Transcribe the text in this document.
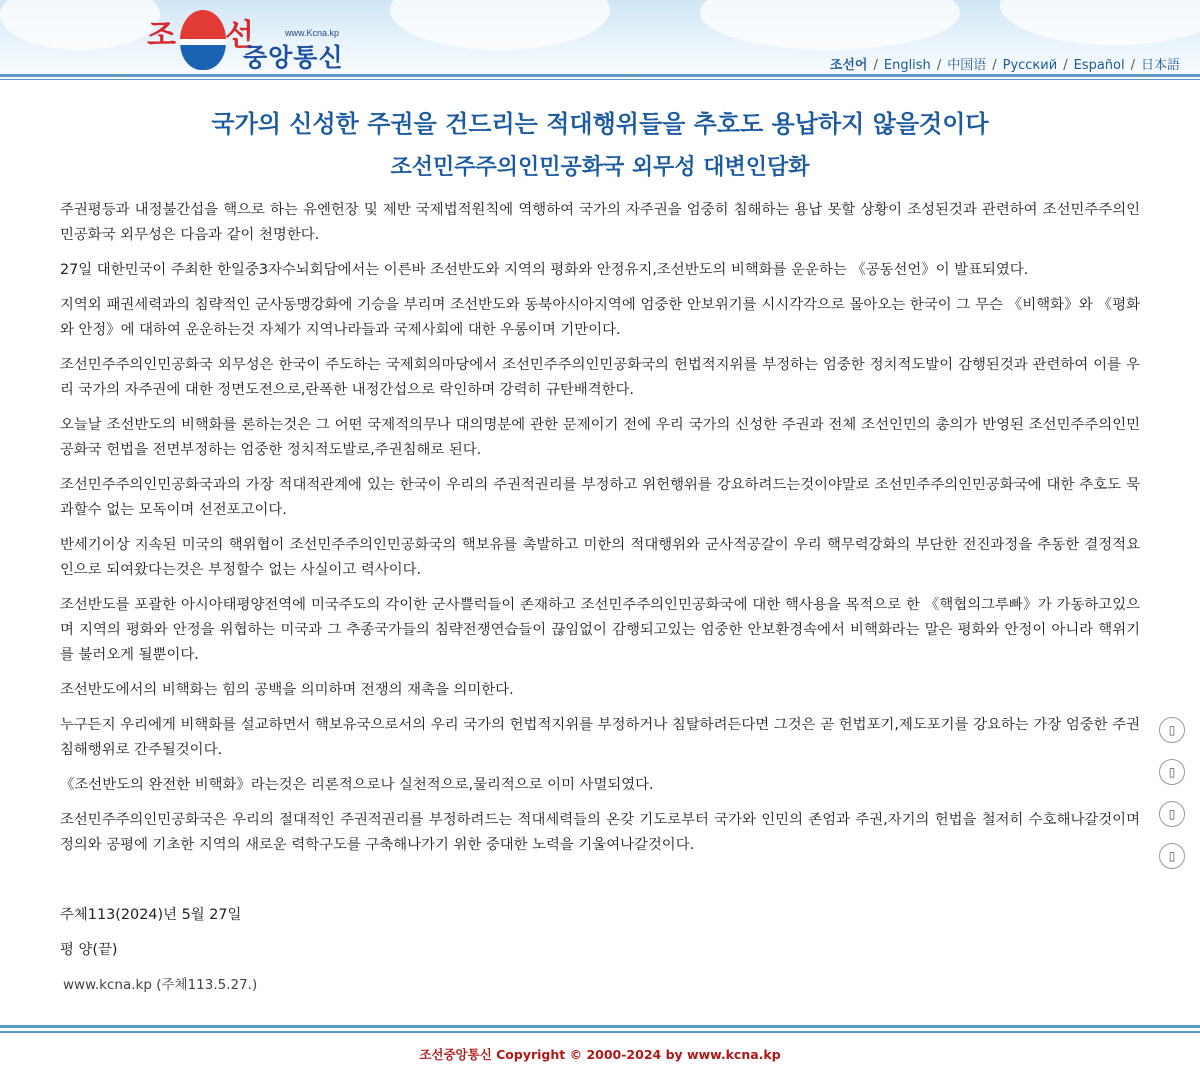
조 선	www.Kcna.kp
중앙통신	조선어 / English / 中国语 / Русский / Español / 日本語
국가의 신성한 주권을 건드리는 적대행위들을 추호도 용납하지 않을것이다
조선민주주의인민공화국 외무성 대변인담화

주권평등과 내정불간섭을 핵으로 하는 유엔헌장 및 제반 국제법적원칙에 역행하여 국가의 자주권을 엄중히 침해하는 용납 못할 상황이 조성된것과 관련하여 조선민주주의인민공화국 외무성은 다음과 같이 천명한다.

27일 대한민국이 주최한 한일중3자수뇌회담에서는 이른바 조선반도와 지역의 평화와 안정유지,조선반도의 비핵화를 운운하는 《공동선언》이 발표되였다.

지역외 패권세력과의 침략적인 군사동맹강화에 기승을 부리며 조선반도와 동북아시아지역에 엄중한 안보위기를 시시각각으로 몰아오는 한국이 그 무슨 《비핵화》와 《평화와 안정》에 대하여 운운하는것 자체가 지역나라들과 국제사회에 대한 우롱이며 기만이다.

조선민주주의인민공화국 외무성은 한국이 주도하는 국제회의마당에서 조선민주주의인민공화국의 헌법적지위를 부정하는 엄중한 정치적도발이 감행된것과 관련하여 이를 우리 국가의 자주권에 대한 정면도전으로,란폭한 내정간섭으로 락인하며 강력히 규탄배격한다.

오늘날 조선반도의 비핵화를 론하는것은 그 어떤 국제적의무나 대의명분에 관한 문제이기 전에 우리 국가의 신성한 주권과 전체 조선인민의 총의가 반영된 조선민주주의인민공화국 헌법을 전면부정하는 엄중한 정치적도발로,주권침해로 된다.

조선민주주의인민공화국과의 가장 적대적관계에 있는 한국이 우리의 주권적권리를 부정하고 위헌행위를 강요하려드는것이야말로 조선민주주의인민공화국에 대한 추호도 묵과할수 없는 모독이며 선전포고이다.

반세기이상 지속된 미국의 핵위협이 조선민주주의인민공화국의 핵보유를 촉발하고 미한의 적대행위와 군사적공갈이 우리 핵무력강화의 부단한 전진과정을 추동한 결정적요인으로 되여왔다는것은 부정할수 없는 사실이고 력사이다.

조선반도를 포괄한 아시아태평양전역에 미국주도의 각이한 군사쁠럭들이 존재하고 조선민주주의인민공화국에 대한 핵사용을 목적으로 한 《핵협의그루빠》가 가동하고있으며 지역의 평화와 안정을 위협하는 미국과 그 추종국가들의 침략전쟁연습들이 끊임없이 감행되고있는 엄중한 안보환경속에서 비핵화라는 말은 평화와 안정이 아니라 핵위기를 불러오게 될뿐이다.

조선반도에서의 비핵화는 힘의 공백을 의미하며 전쟁의 재촉을 의미한다.

누구든지 우리에게 비핵화를 설교하면서 핵보유국으로서의 우리 국가의 헌법적지위를 부정하거나 침탈하려든다면 그것은 곧 헌법포기,제도포기를 강요하는 가장 엄중한 주권침해행위로 간주될것이다.

《조선반도의 완전한 비핵화》라는것은 리론적으로나 실천적으로,물리적으로 이미 사멸되였다.

조선민주주의인민공화국은 우리의 절대적인 주권적권리를 부정하려드는 적대세력들의 온갖 기도로부터 국가와 인민의 존엄과 주권,자기의 헌법을 철저히 수호해나갈것이며 정의와 공평에 기초한 지역의 새로운 력학구도를 구축해나가기 위한 중대한 노력을 기울여나갈것이다.

주체113(2024)년 5월 27일

평 양(끝)

www.kcna.kp (주체113.5.27.)
▯
▯
▯
▯
조선중앙통신 Copyright © 2000-2024 by www.kcna.kp
